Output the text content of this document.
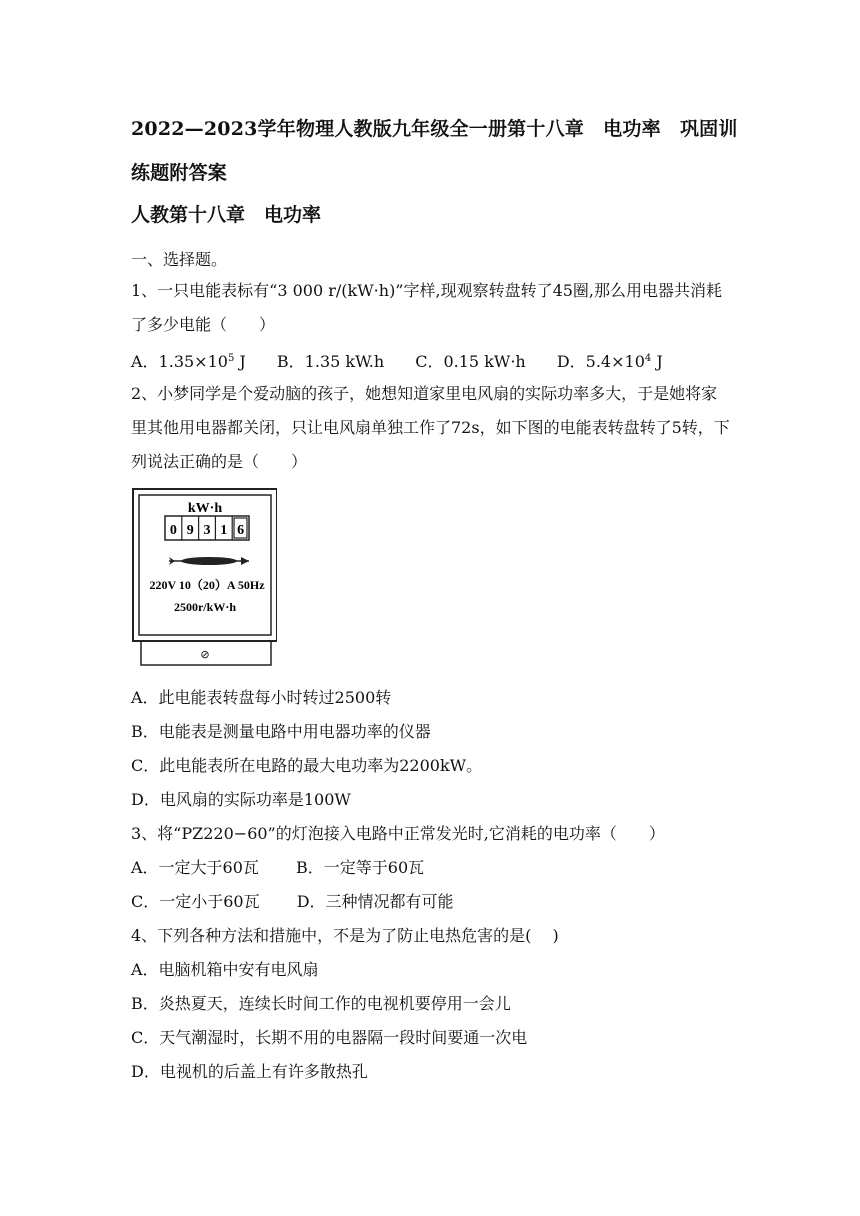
2022—2023学年物理人教版九年级全一册第十八章　电功率　巩固训练题附答案
人教第十八章　电功率
一、选择题。
1、一只电能表标有“3 000 r/(kW·h)”字样,现观察转盘转了45圈,那么用电器共消耗了多少电能（　　）
A．$1.35\times 10^5$ J B．1.35 kW.h C．0.15 kW·h D．$5.4\times 10^4$ J
2、小梦同学是个爱动脑的孩子，她想知道家里电风扇的实际功率多大，于是她将家里其他用电器都关闭，只让电风扇单独工作了72s，如下图的电能表转盘转了5转，下列说法正确的是（　　）
kW·h
0 9 3 1 6
220V 10（20）A 50Hz
2500r/kW·h
⊘
A．此电能表转盘每小时转过2500转
B．电能表是测量电路中用电器功率的仪器
C．此电能表所在电路的最大电功率为2200kW。
D．电风扇的实际功率是100W
3、将“PZ220−60”的灯泡接入电路中正常发光时,它消耗的电功率（　　）
A．一定大于60瓦 B．一定等于60瓦
C．一定小于60瓦 D．三种情况都有可能
4、下列各种方法和措施中，不是为了防止电热危害的是(　 )
A．电脑机箱中安有电风扇
B．炎热夏天，连续长时间工作的电视机要停用一会儿
C．天气潮湿时，长期不用的电器隔一段时间要通一次电
D．电视机的后盖上有许多散热孔
